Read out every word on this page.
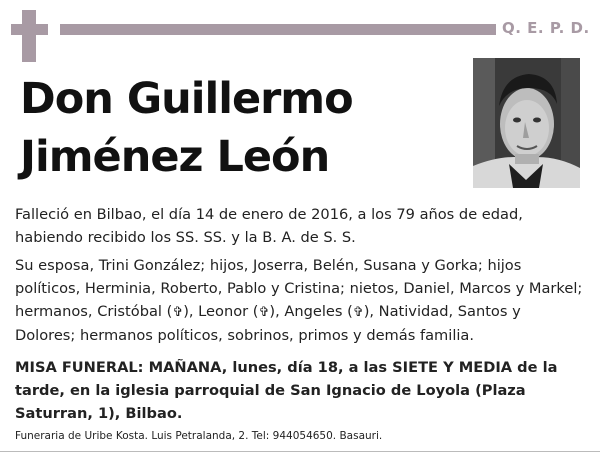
Q. E. P. D.
Don Guillermo
Jiménez León
Falleció en Bilbao, el día 14 de enero de 2016, a los 79 años de edad, habiendo recibido los SS. SS. y la B. A. de S. S.
Su esposa, Trini González; hijos, Joserra, Belén, Susana y Gorka; hijos políticos, Herminia, Roberto, Pablo y Cristina; nietos, Daniel, Marcos y Markel; hermanos, Cristóbal (✞), Leonor (✞), Angeles (✞), Natividad, Santos y Dolores; hermanos políticos, sobrinos, primos y demás familia.
MISA FUNERAL: MAÑANA, lunes, día 18, a las SIETE Y MEDIA de la tarde, en la iglesia parroquial de San Ignacio de Loyola (Plaza Saturran, 1), Bilbao.
Funeraria de Uribe Kosta. Luis Petralanda, 2. Tel: 944054650. Basauri.
